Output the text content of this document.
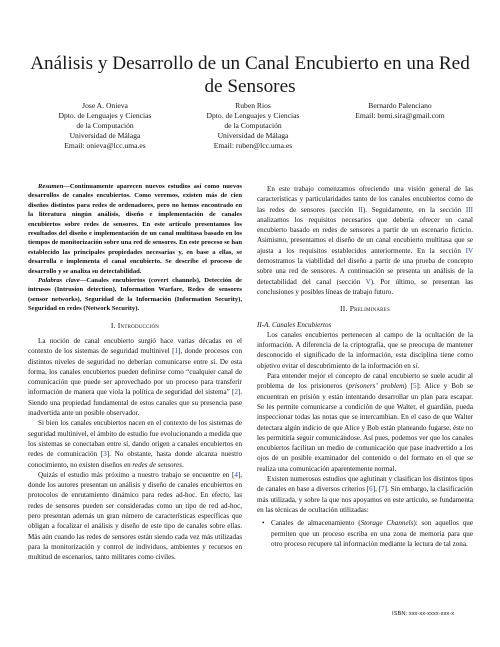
Análisis y Desarrollo de un Canal Encubierto en una Red de Sensores
Jose A. Onieva
Dpto. de Lenguajes y Ciencias
de la Computación
Universidad de Málaga
Email: onieva@lcc.uma.es
Ruben Rios
Dpto. de Lenguajes y Ciencias
de la Computación
Universidad de Málaga
Email: ruben@lcc.uma.es
Bernardo Palenciano
Email: bemi.sira@gmail.com

Resumen—Continuamente aparecen nuevos estudios así como nuevos desarrollos de canales encubiertos. Como veremos, existen más de cien diseños distintos para redes de ordenadores, pero no hemos encontrado en la literatura ningún análisis, diseño e implementación de canales encubiertos sobre redes de sensores. En este artículo presentamos los resultados del diseño e implementación de un canal multitasa basado en los tiempos de monitorización sobre una red de sensores. En este proceso se han establecido las principales propiedades necesarias y, en base a ellas, se desarrolla e implementa el canal encubierto. Se describe el proceso de desarrollo y se analiza su detectabilidad.

Palabras clave—Canales encubiertos (covert channels), Detección de intrusos (Intrusion detection), Information Warfare, Redes de sensores (sensor networks), Seguridad de la Información (Information Security), Seguridad en redes (Network Security).

I. Introducción

La noción de canal encubierto surgió hace varias décadas en el contexto de los sistemas de seguridad multinivel [1], donde procesos con distintos niveles de seguridad no deberían comunicarse entre sí. De esta forma, los canales encubiertos pueden definirse como “cualquier canal de comunicación que puede ser aprovechado por un proceso para transferir información de manera que viola la política de seguridad del sistema” [2]. Siendo una propiedad fundamental de estos canales que su presencia pase inadvertida ante un posible observador.

Si bien los canales encubiertos nacen en el contexto de los sistemas de seguridad multinivel, el ámbito de estudio fue evolucionando a medida que los sistemas se conectaban entre sí, dando origen a canales encubiertos en redes de comunicación [3]. No obstante, hasta donde alcanza nuestro conocimiento, no existen diseños en redes de sensores.

Quizás el estudio más próximo a nuestro trabajo se encuentre en [4], donde los autores presentan un análisis y diseño de canales encubiertos en protocolos de enrutamiento dinámico para redes ad-hoc. En efecto, las redes de sensores pueden ser consideradas como un tipo de red ad-hoc, pero presentan además un gran número de características específicas que obligan a focalizar el análisis y diseño de este tipo de canales sobre ellas. Más aún cuando las redes de sensores están siendo cada vez más utilizadas para la monitorización y control de individuos, ambientes y recursos en multitud de escenarios, tanto militares como civiles.

En este trabajo comenzamos ofreciendo una visión general de las características y particularidades tanto de los canales encubiertos como de las redes de sensores (sección II). Seguidamente, en la sección III analizamos los requisitos necesarios que debería ofrecer un canal encubierto basado en redes de sensores a partir de un escenario ficticio. Asimismo, presentamos el diseño de un canal encubierto multitasa que se ajusta a los requisitos establecidos anteriormente. En la sección IV demostramos la viabilidad del diseño a partir de una prueba de concepto sobre una red de sensores. A continuación se presenta un análisis de la detectabilidad del canal (sección V). Por último, se presentan las conclusiones y posibles líneas de trabajo futuro.

II. Preliminares

II-A. Canales Encubiertos

Los canales encubiertos pertenecen al campo de la ocultación de la información. A diferencia de la criptografía, que se preocupa de mantener desconocido el significado de la información, esta disciplina tiene como objetivo evitar el descubrimiento de la información en sí.

Para entender mejor el concepto de canal encubierto se suele acudir al problema de los prisioneros (prisoners’ problem) [5]: Alice y Bob se encuentran en prisión y están intentando desarrollar un plan para escapar. Se les permite comunicarse a condición de que Walter, el guardián, pueda inspeccionar todas las notas que se intercambian. En el caso de que Walter detectara algún indicio de que Alice y Bob están planeando fugarse, éste no les permitiría seguir comunicándose. Así pues, podemos ver que los canales encubiertos facilitan un medio de comunicación que pase inadvertido a los ojos de un posible examinador del contenido o del formato en el que se realiza una comunicación aparentemente normal.

Existen numerosos estudios que aglutinan y clasifican los distintos tipos de canales en base a diversos criterios [6], [7]. Sin embargo, la clasificación más utilizada, y sobre la que nos apoyamos en este artículo, se fundamenta en las técnicas de ocultación utilizadas:

• Canales de almacenamiento (Storage Channels): son aquellos que permiten que un proceso escriba en una zona de memoria para que otro proceso recupere tal información mediante la lectura de tal zona.
ISBN: xxx-xx-xxxx-xxx-x
